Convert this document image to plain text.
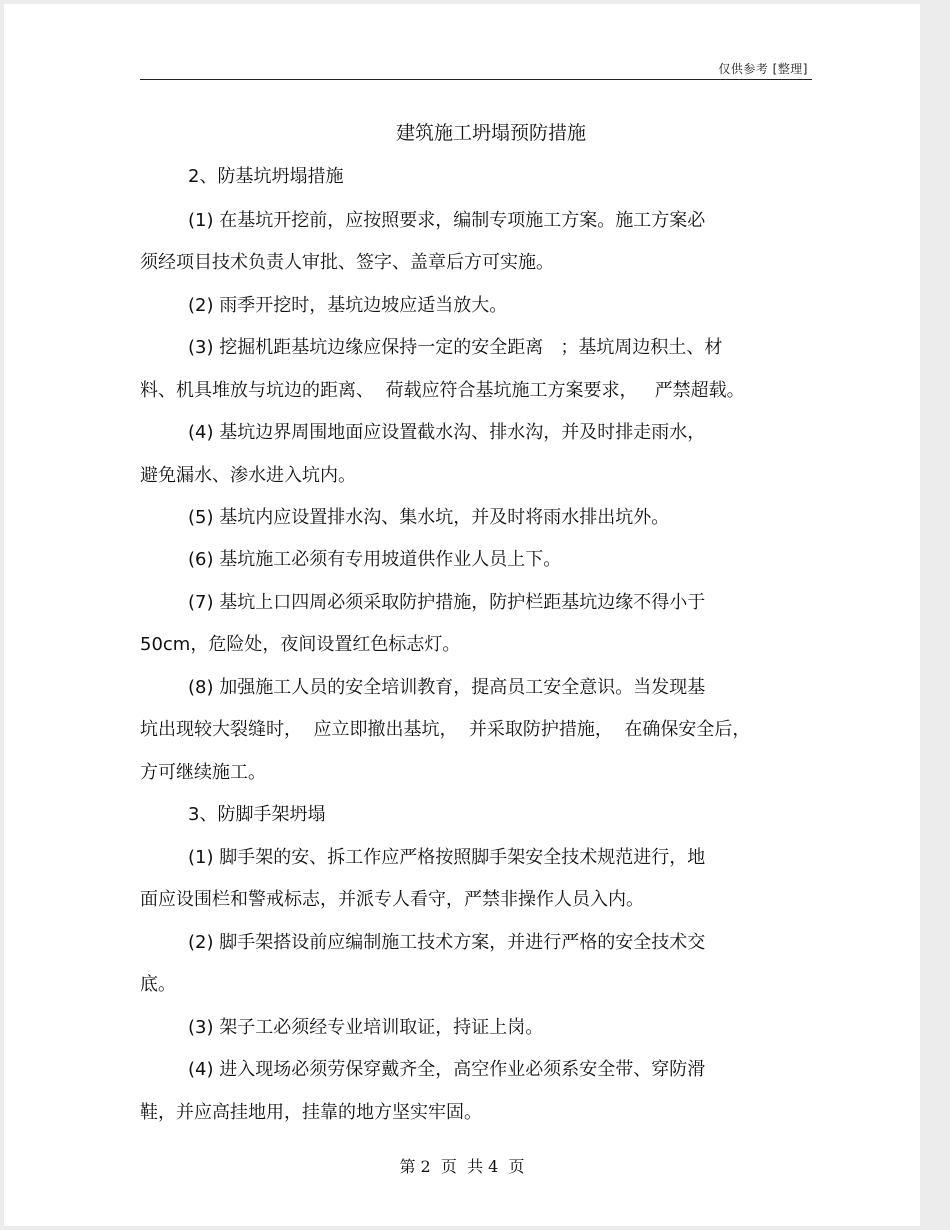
仅供参考 [整理]
建筑施工坍塌预防措施
2、防基坑坍塌措施
(1) 在基坑开挖前，应按照要求，编制专项施工方案。施工方案必
须经项目技术负责人审批、签字、盖章后方可实施。
(2) 雨季开挖时，基坑边坡应适当放大。
(3) 挖掘机距基坑边缘应保持一定的安全距离   ；基坑周边积土、材
料、机具堆放与坑边的距离、  荷载应符合基坑施工方案要求，   严禁超载。
(4) 基坑边界周围地面应设置截水沟、排水沟，并及时排走雨水，
避免漏水、渗水进入坑内。
(5) 基坑内应设置排水沟、集水坑，并及时将雨水排出坑外。
(6) 基坑施工必须有专用坡道供作业人员上下。
(7) 基坑上口四周必须采取防护措施，防护栏距基坑边缘不得小于
50cm，危险处，夜间设置红色标志灯。
(8) 加强施工人员的安全培训教育，提高员工安全意识。当发现基
坑出现较大裂缝时，  应立即撤出基坑，  并采取防护措施，  在确保安全后，
方可继续施工。
3、防脚手架坍塌
(1) 脚手架的安、拆工作应严格按照脚手架安全技术规范进行，地
面应设围栏和警戒标志，并派专人看守，严禁非操作人员入内。
(2) 脚手架搭设前应编制施工技术方案，并进行严格的安全技术交
底。
(3) 架子工必须经专业培训取证，持证上岗。
(4) 进入现场必须劳保穿戴齐全，高空作业必须系安全带、穿防滑
鞋，并应高挂地用，挂靠的地方坚实牢固。
第 2  页  共 4  页
